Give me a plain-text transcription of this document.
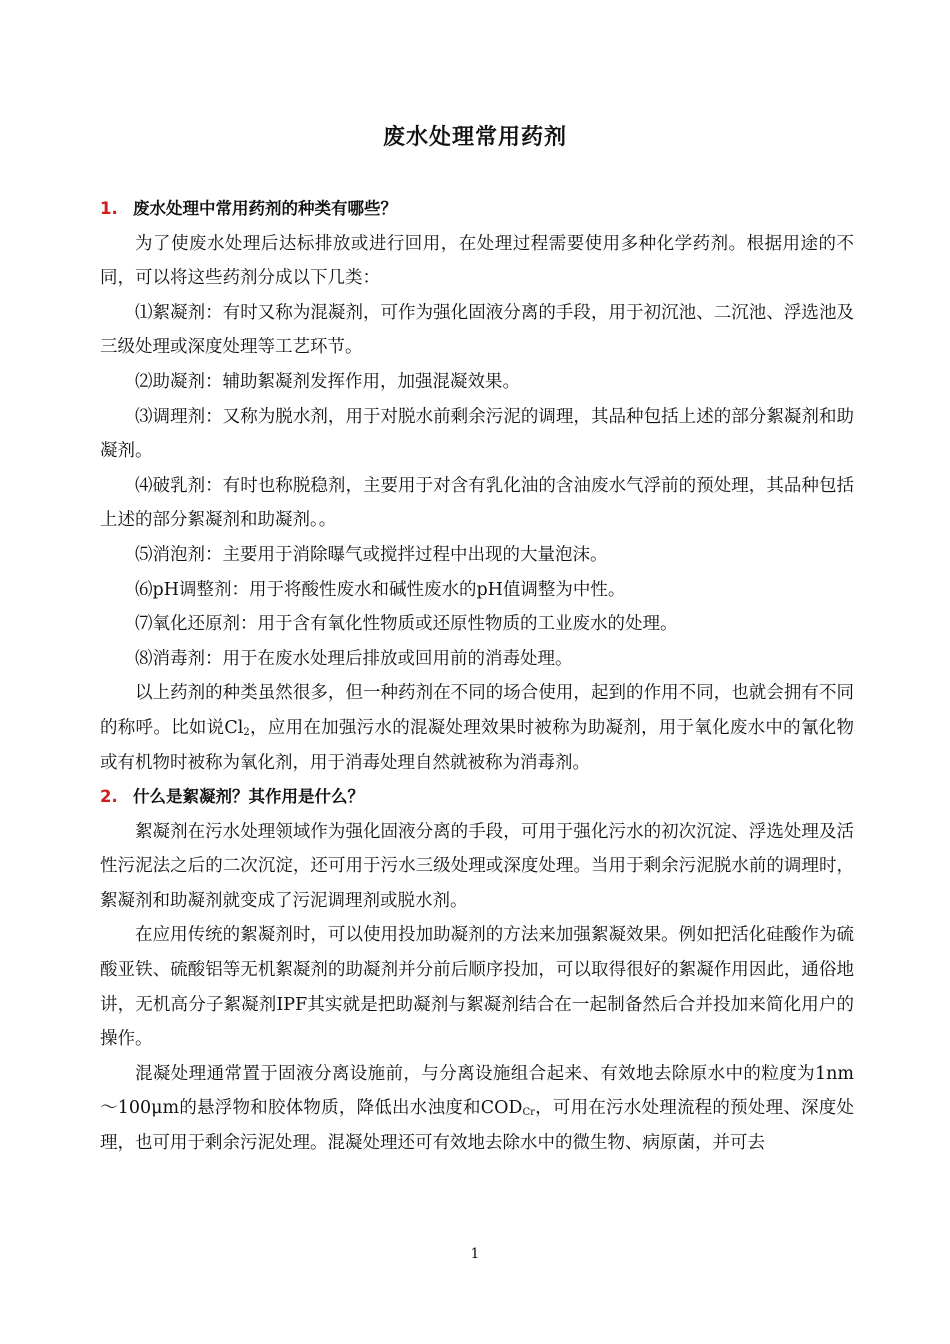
废水处理常用药剂
1. 废水处理中常用药剂的种类有哪些？

为了使废水处理后达标排放或进行回用，在处理过程需要使用多种化学药剂。根据用途的不同，可以将这些药剂分成以下几类：

⑴絮凝剂：有时又称为混凝剂，可作为强化固液分离的手段，用于初沉池、二沉池、浮选池及三级处理或深度处理等工艺环节。

⑵助凝剂：辅助絮凝剂发挥作用，加强混凝效果。

⑶调理剂：又称为脱水剂，用于对脱水前剩余污泥的调理，其品种包括上述的部分絮凝剂和助凝剂。

⑷破乳剂：有时也称脱稳剂，主要用于对含有乳化油的含油废水气浮前的预处理，其品种包括上述的部分絮凝剂和助凝剂。。

⑸消泡剂：主要用于消除曝气或搅拌过程中出现的大量泡沫。

⑹pH调整剂：用于将酸性废水和碱性废水的pH值调整为中性。

⑺氧化还原剂：用于含有氧化性物质或还原性物质的工业废水的处理。

⑻消毒剂：用于在废水处理后排放或回用前的消毒处理。

以上药剂的种类虽然很多，但一种药剂在不同的场合使用，起到的作用不同，也就会拥有不同的称呼。比如说$Cl_2$，应用在加强污水的混凝处理效果时被称为助凝剂，用于氧化废水中的氰化物或有机物时被称为氧化剂，用于消毒处理自然就被称为消毒剂。

2. 什么是絮凝剂？其作用是什么？

絮凝剂在污水处理领域作为强化固液分离的手段，可用于强化污水的初次沉淀、浮选处理及活性污泥法之后的二次沉淀，还可用于污水三级处理或深度处理。当用于剩余污泥脱水前的调理时，絮凝剂和助凝剂就变成了污泥调理剂或脱水剂。

在应用传统的絮凝剂时，可以使用投加助凝剂的方法来加强絮凝效果。例如把活化硅酸作为硫酸亚铁、硫酸铝等无机絮凝剂的助凝剂并分前后顺序投加，可以取得很好的絮凝作用因此，通俗地讲，无机高分子絮凝剂IPF其实就是把助凝剂与絮凝剂结合在一起制备然后合并投加来简化用户的操作。

混凝处理通常置于固液分离设施前，与分离设施组合起来、有效地去除原水中的粒度为1nm～100μm的悬浮物和胶体物质，降低出水浊度和$COD_{Cr}$，可用在污水处理流程的预处理、深度处理，也可用于剩余污泥处理。混凝处理还可有效地去除水中的微生物、病原菌，并可去

1
